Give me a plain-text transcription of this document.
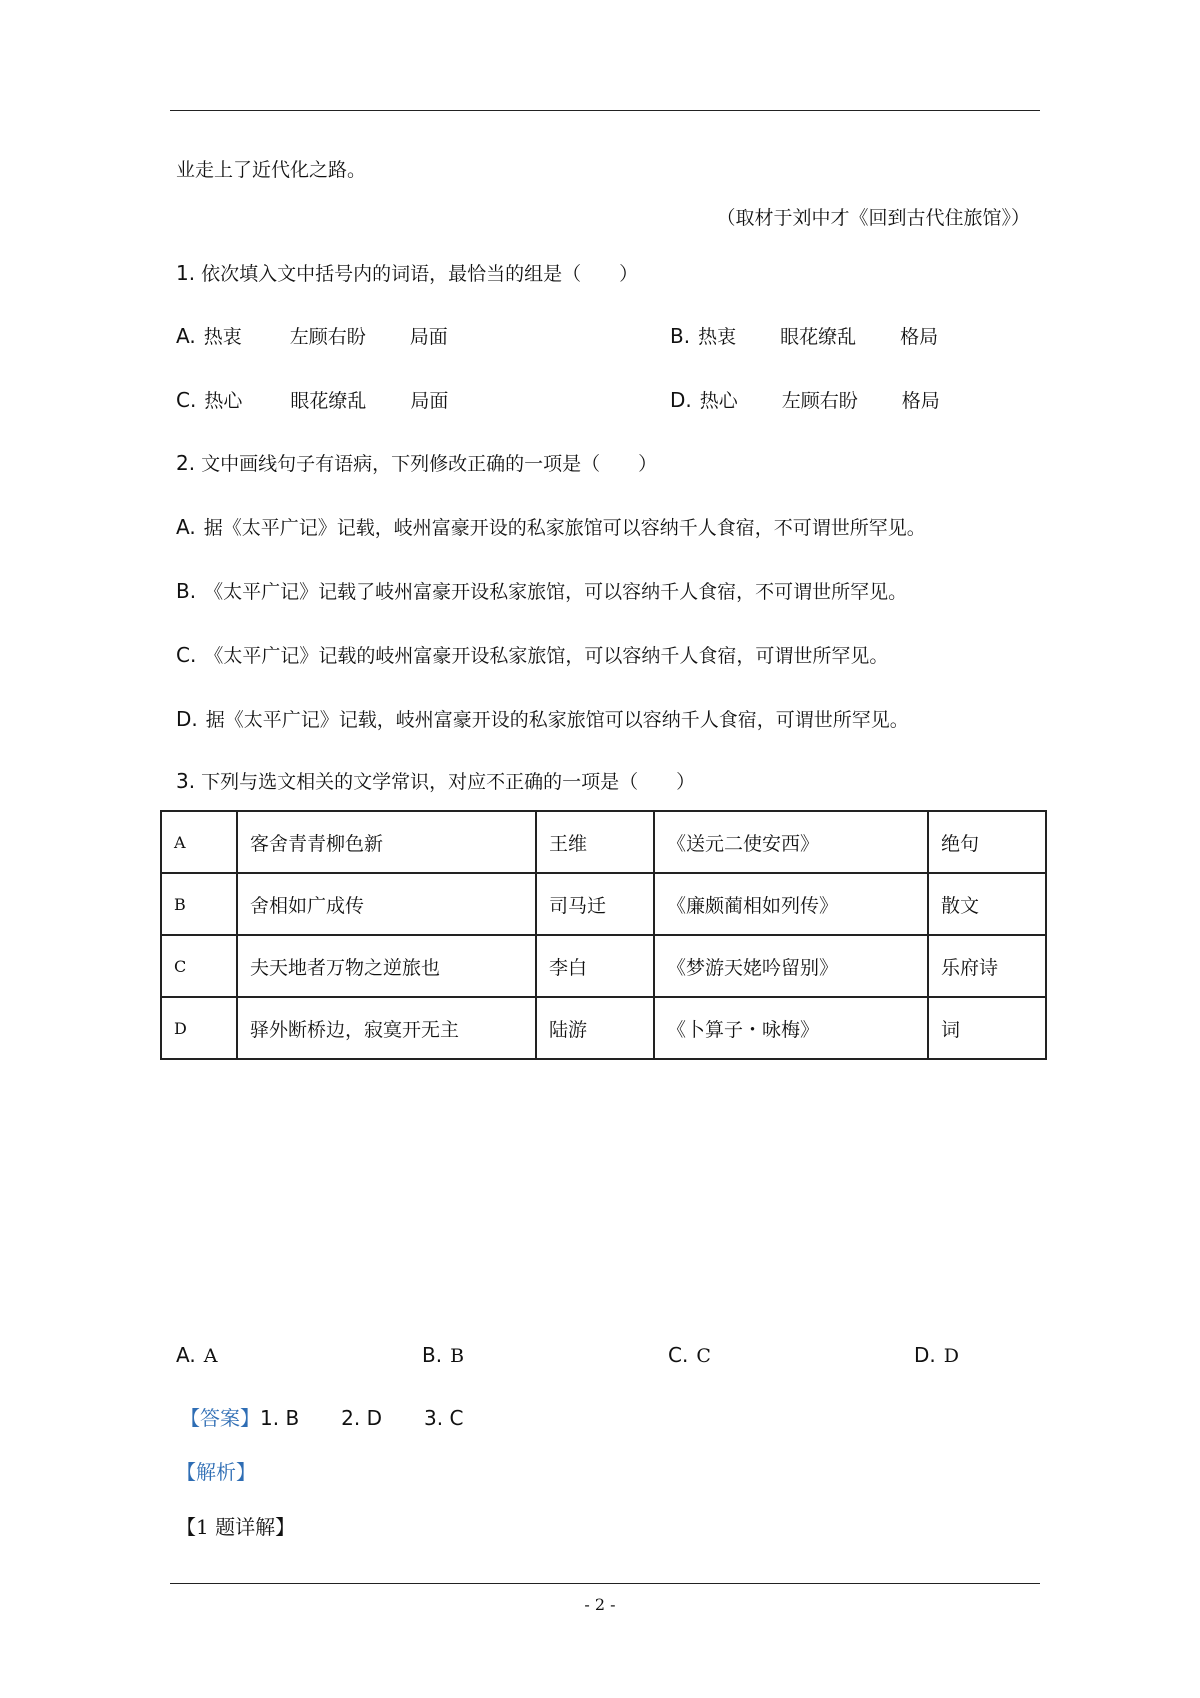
业走上了近代化之路。
（取材于刘中才《回到古代住旅馆》）
1. 依次填入文中括号内的词语，最恰当的组是（　　）
A. 热衷	左顾右盼 局面	B. 热衷 眼花缭乱 格局
C. 热心	眼花缭乱 局面	D. 热心 左顾右盼 格局
2. 文中画线句子有语病，下列修改正确的一项是（　　）
A. 据《太平广记》记载，岐州富豪开设的私家旅馆可以容纳千人食宿，不可谓世所罕见。
B. 《太平广记》记载了岐州富豪开设私家旅馆，可以容纳千人食宿，不可谓世所罕见。
C. 《太平广记》记载的岐州富豪开设私家旅馆，可以容纳千人食宿，可谓世所罕见。
D. 据《太平广记》记载，岐州富豪开设的私家旅馆可以容纳千人食宿，可谓世所罕见。
3. 下列与选文相关的文学常识，对应不正确的一项是（　　）
A	客舍青青柳色新	王维	《送元二使安西》	绝句
B	舍相如广成传	司马迁	《廉颇蔺相如列传》	散文
C	夫天地者万物之逆旅也	李白	《梦游天姥吟留别》	乐府诗
D	驿外断桥边，寂寞开无主	陆游	《卜算子・咏梅》	词
A. A	B. B	C. C	D. D
【答案】1. B 2. D 3. C
【解析】
【1 题详解】
- 2 -
